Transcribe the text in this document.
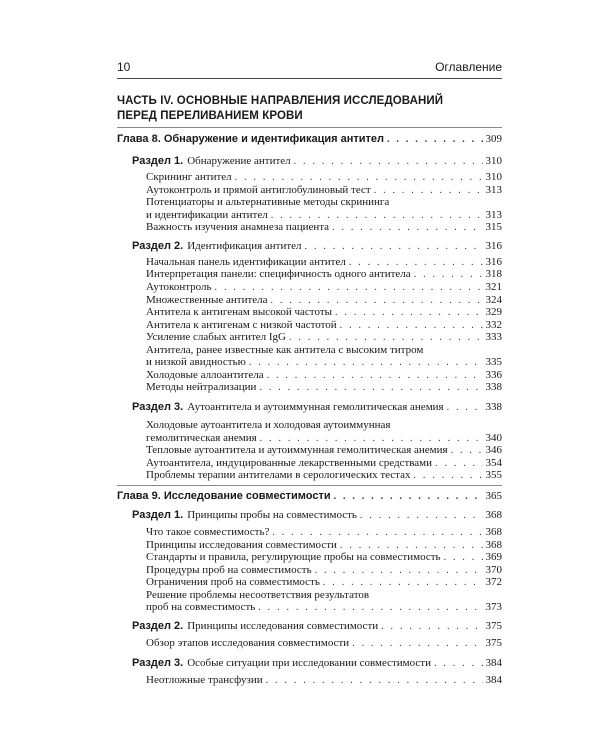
10	Оглавление
ЧАСТЬ IV. ОСНОВНЫЕ НАПРАВЛЕНИЯ ИССЛЕДОВАНИЙ
ПЕРЕД ПЕРЕЛИВАНИЕМ КРОВИ
Глава 8. Обнаружение и идентификация антител . . .	309
Раздел 1. Обнаружение антител . . .	310
Скрининг антител . . .	310
Аутоконтроль и прямой антиглобулиновый тест . . .	313
Потенциаторы и альтернативные методы скрининга
и идентификации антител . . .	313
Важность изучения анамнеза пациента . . .	315
Раздел 2. Идентификация антител . . .	316
Начальная панель идентификации антител . . .	316
Интерпретация панели: специфичность одного антитела . . .	318
Аутоконтроль . . .	321
Множественные антитела . . .	324
Антитела к антигенам высокой частоты . . .	329
Антитела к антигенам с низкой частотой . . .	332
Усиление слабых антител IgG . . .	333
Антитела, ранее известные как антитела с высоким титром
и низкой авидностью . . .	335
Холодовые аллоантитела . . .	336
Методы нейтрализации . . .	338
Раздел 3. Аутоантитела и аутоиммунная гемолитическая анемия . . .	338
Холодовые аутоантитела и холодовая аутоиммунная
гемолитическая анемия . . .	340
Тепловые аутоантитела и аутоиммунная гемолитическая анемия . . .	346
Аутоантитела, индуцированные лекарственными средствами . . .	354
Проблемы терапии антителами в серологических тестах . . .	355
Глава 9. Исследование совместимости . . .	365
Раздел 1. Принципы пробы на совместимость . . .	368
Что такое совместимость? . . .	368
Принципы исследования совместимости . . .	368
Стандарты и правила, регулирующие пробы на совместимость . . .	369
Процедуры проб на совместимость . . .	370
Ограничения проб на совместимость . . .	372
Решение проблемы несоответствия результатов
проб на совместимость . . .	373
Раздел 2. Принципы исследования совместимости . . .	375
Обзор этапов исследования совместимости . . .	375
Раздел 3. Особые ситуации при исследовании совместимости . . .	384
Неотложные трансфузии . . .	384
